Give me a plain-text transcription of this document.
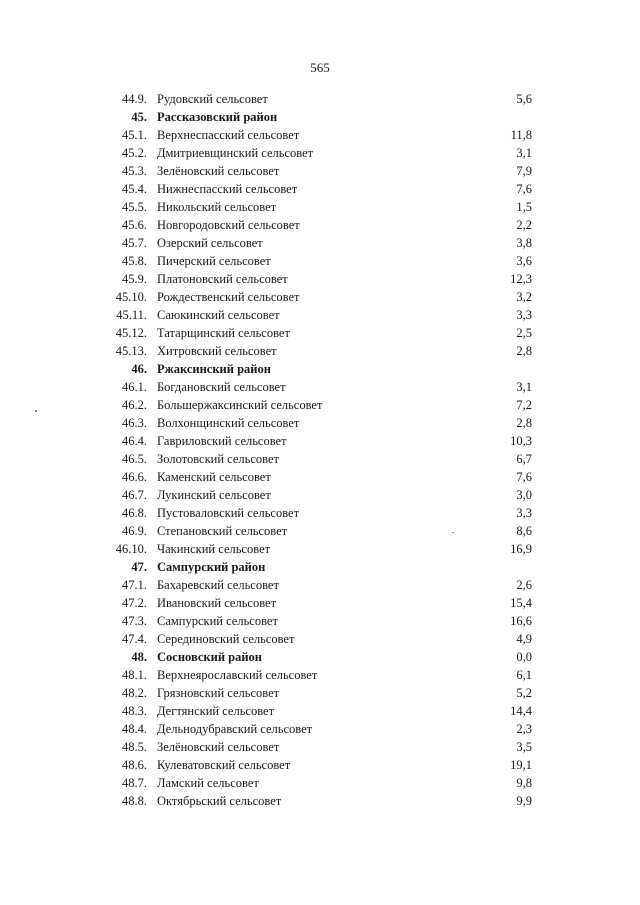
565
44.9. Рудовский сельсовет	5,6
45. Рассказовский район
45.1. Верхнеспасский сельсовет	11,8
45.2. Дмитриевщинский сельсовет	3,1
45.3. Зелёновский сельсовет	7,9
45.4. Нижнеспасский сельсовет	7,6
45.5. Никольский сельсовет	1,5
45.6. Новгородовский сельсовет	2,2
45.7. Озерский сельсовет	3,8
45.8. Пичерский сельсовет	3,6
45.9. Платоновский сельсовет	12,3
45.10. Рождественский сельсовет	3,2
45.11. Саюкинский сельсовет	3,3
45.12. Татарщинский сельсовет	2,5
45.13. Хитровский сельсовет	2,8
46. Ржаксинский район
46.1. Богдановский сельсовет	3,1
46.2. Большержаксинский сельсовет	7,2
46.3. Волхонщинский сельсовет	2,8
46.4. Гавриловский сельсовет	10,3
46.5. Золотовский сельсовет	6,7
46.6. Каменский сельсовет	7,6
46.7. Лукинский сельсовет	3,0
46.8. Пустоваловский сельсовет	3,3
46.9. Степановский сельсовет	8,6
46.10. Чакинский сельсовет	16,9
47. Сампурский район
47.1. Бахаревский сельсовет	2,6
47.2. Ивановский сельсовет	15,4
47.3. Сампурский сельсовет	16,6
47.4. Серединовский сельсовет	4,9
48. Сосновский район	0,0
48.1. Верхнеярославский сельсовет	6,1
48.2. Грязновский сельсовет	5,2
48.3. Дегтянский сельсовет	14,4
48.4. Дельнодубравский сельсовет	2,3
48.5. Зелёновский сельсовет	3,5
48.6. Кулеватовский сельсовет	19,1
48.7. Ламский сельсовет	9,8
48.8. Октябрьский сельсовет	9,9
